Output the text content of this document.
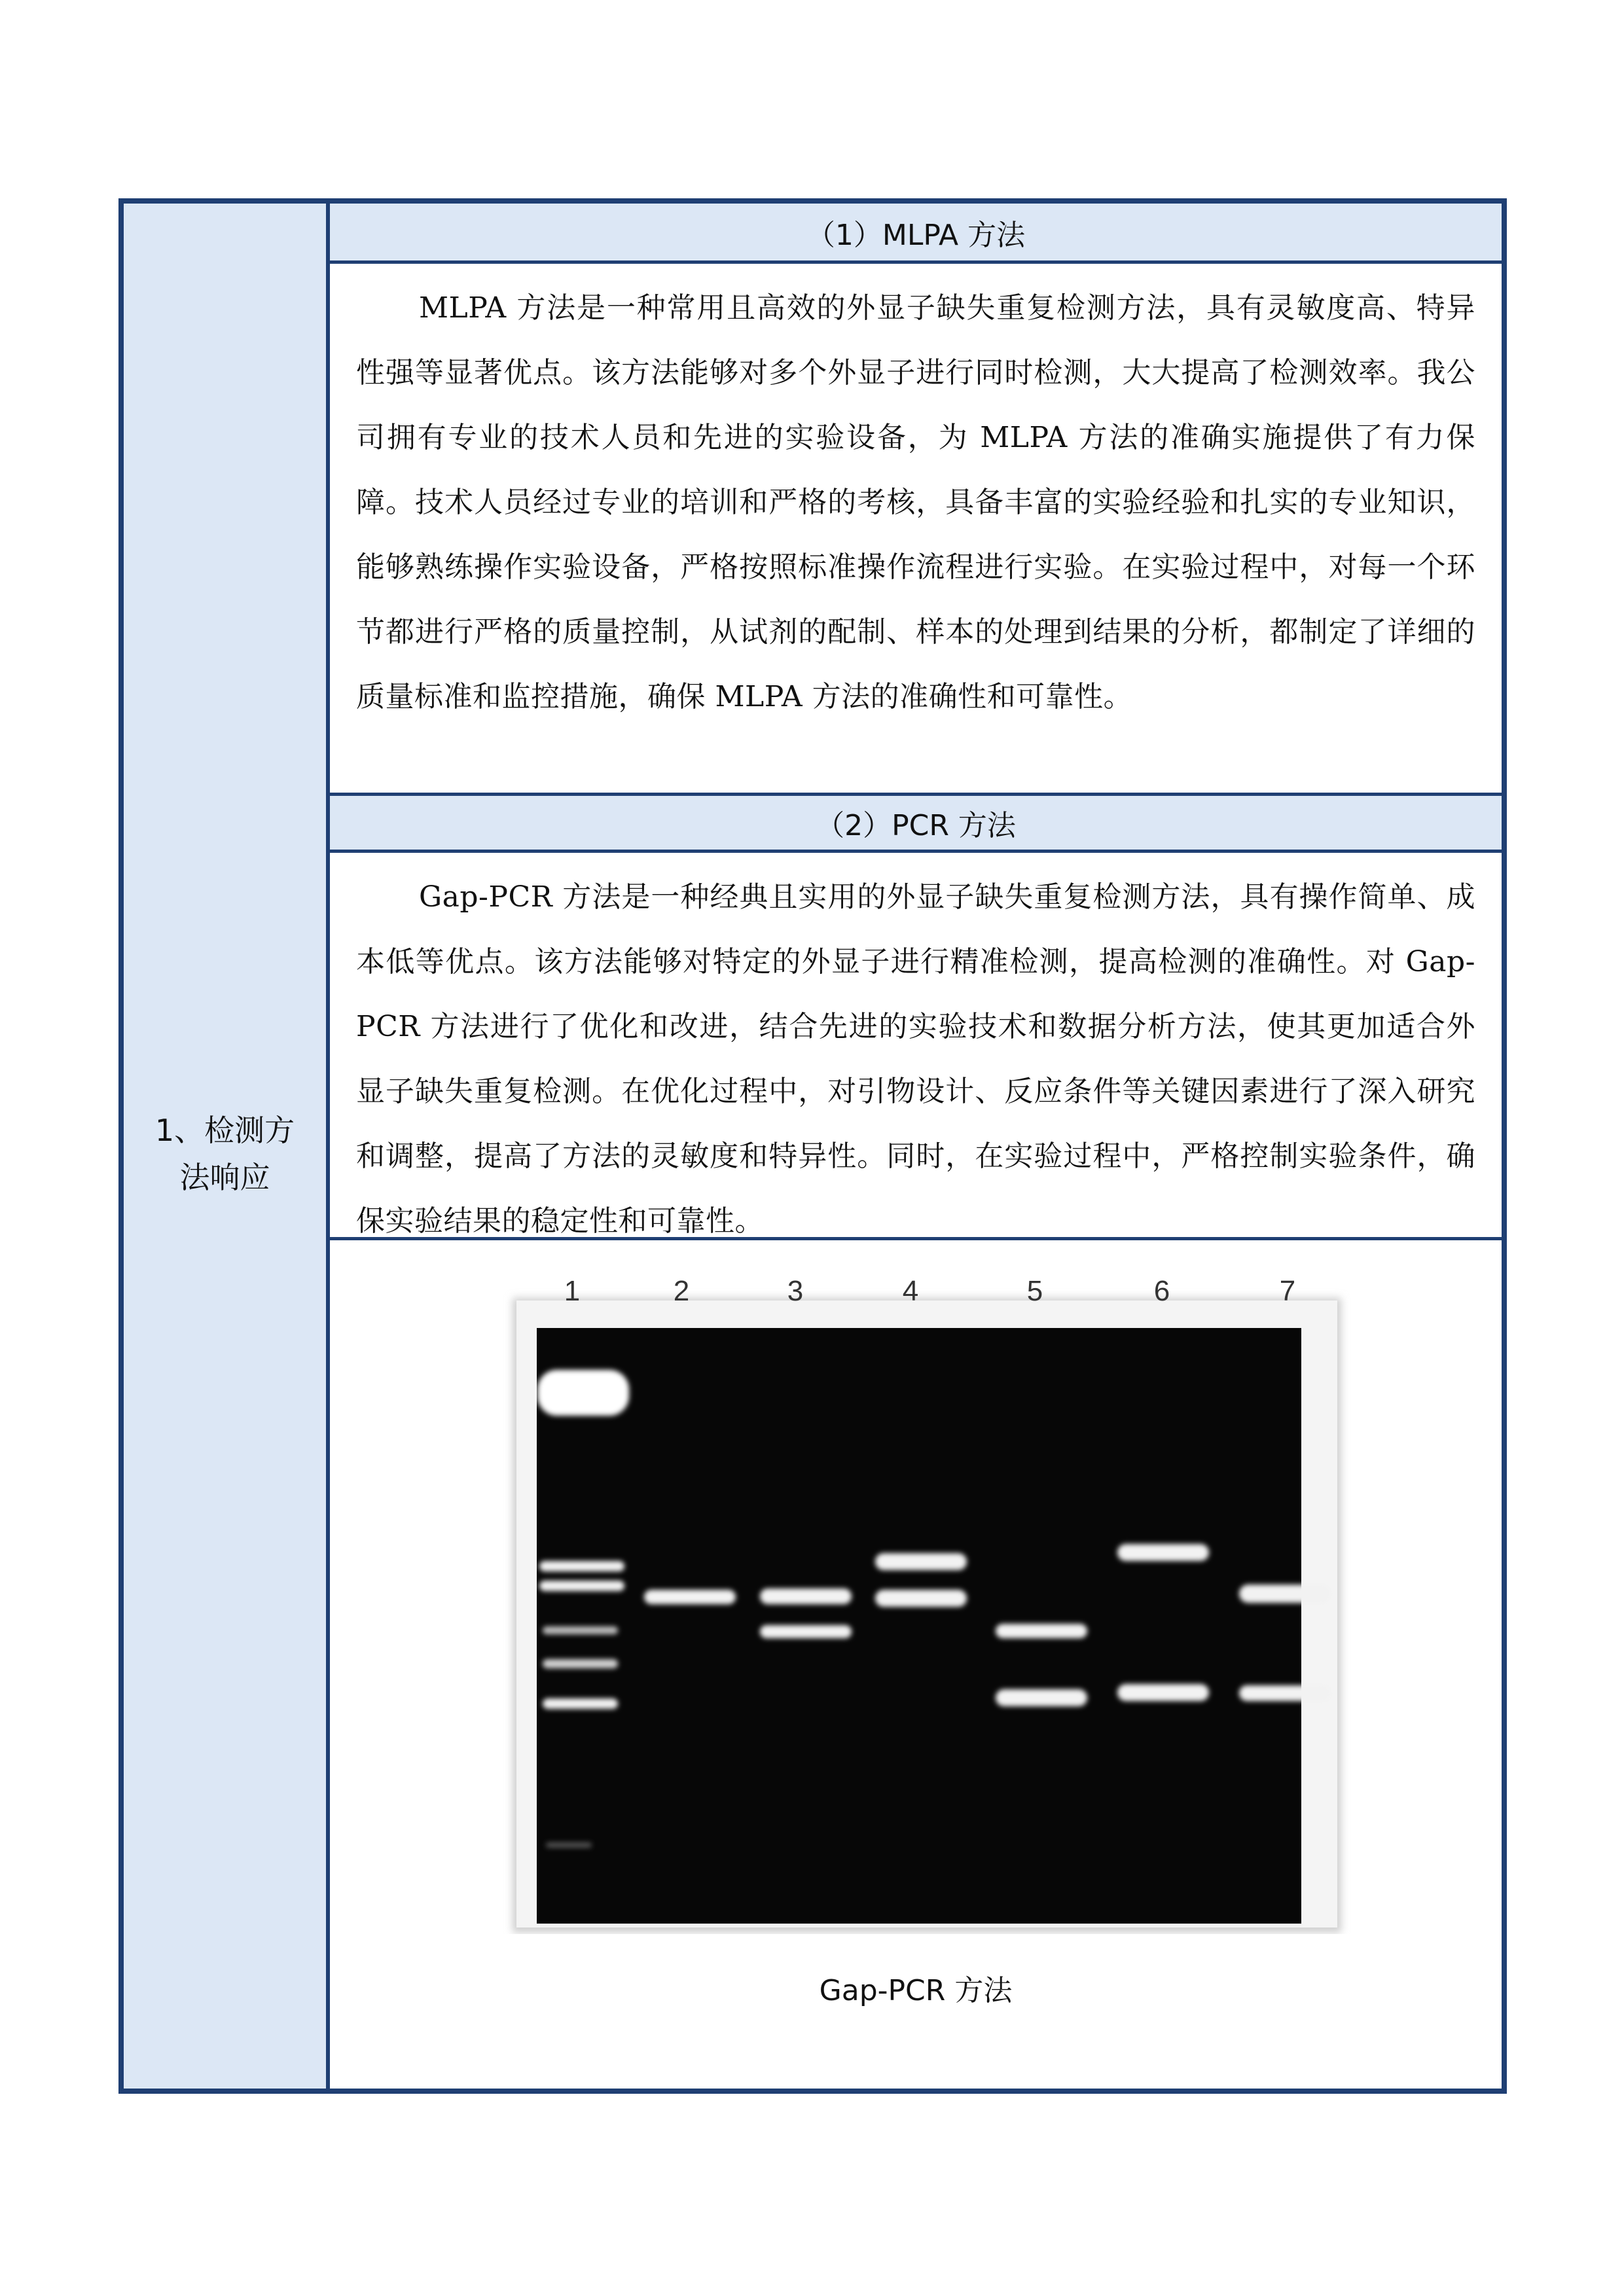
1、检测方法响应
（1）MLPA 方法
MLPA 方法是一种常用且高效的外显子缺失重复检测方法，具有灵敏度高、特异性强等显著优点。该方法能够对多个外显子进行同时检测，大大提高了检测效率。我公司拥有专业的技术人员和先进的实验设备，为 MLPA 方法的准确实施提供了有力保障。技术人员经过专业的培训和严格的考核，具备丰富的实验经验和扎实的专业知识，能够熟练操作实验设备，严格按照标准操作流程进行实验。在实验过程中，对每一个环节都进行严格的质量控制，从试剂的配制、样本的处理到结果的分析，都制定了详细的质量标准和监控措施，确保 MLPA 方法的准确性和可靠性。
（2）PCR 方法
Gap-PCR 方法是一种经典且实用的外显子缺失重复检测方法，具有操作简单、成本低等优点。该方法能够对特定的外显子进行精准检测，提高检测的准确性。对 Gap-PCR 方法进行了优化和改进，结合先进的实验技术和数据分析方法，使其更加适合外显子缺失重复检测。在优化过程中，对引物设计、反应条件等关键因素进行了深入研究和调整，提高了方法的灵敏度和特异性。同时，在实验过程中，严格控制实验条件，确保实验结果的稳定性和可靠性。
1	2	3	4	5	6	7
Gap-PCR 方法
